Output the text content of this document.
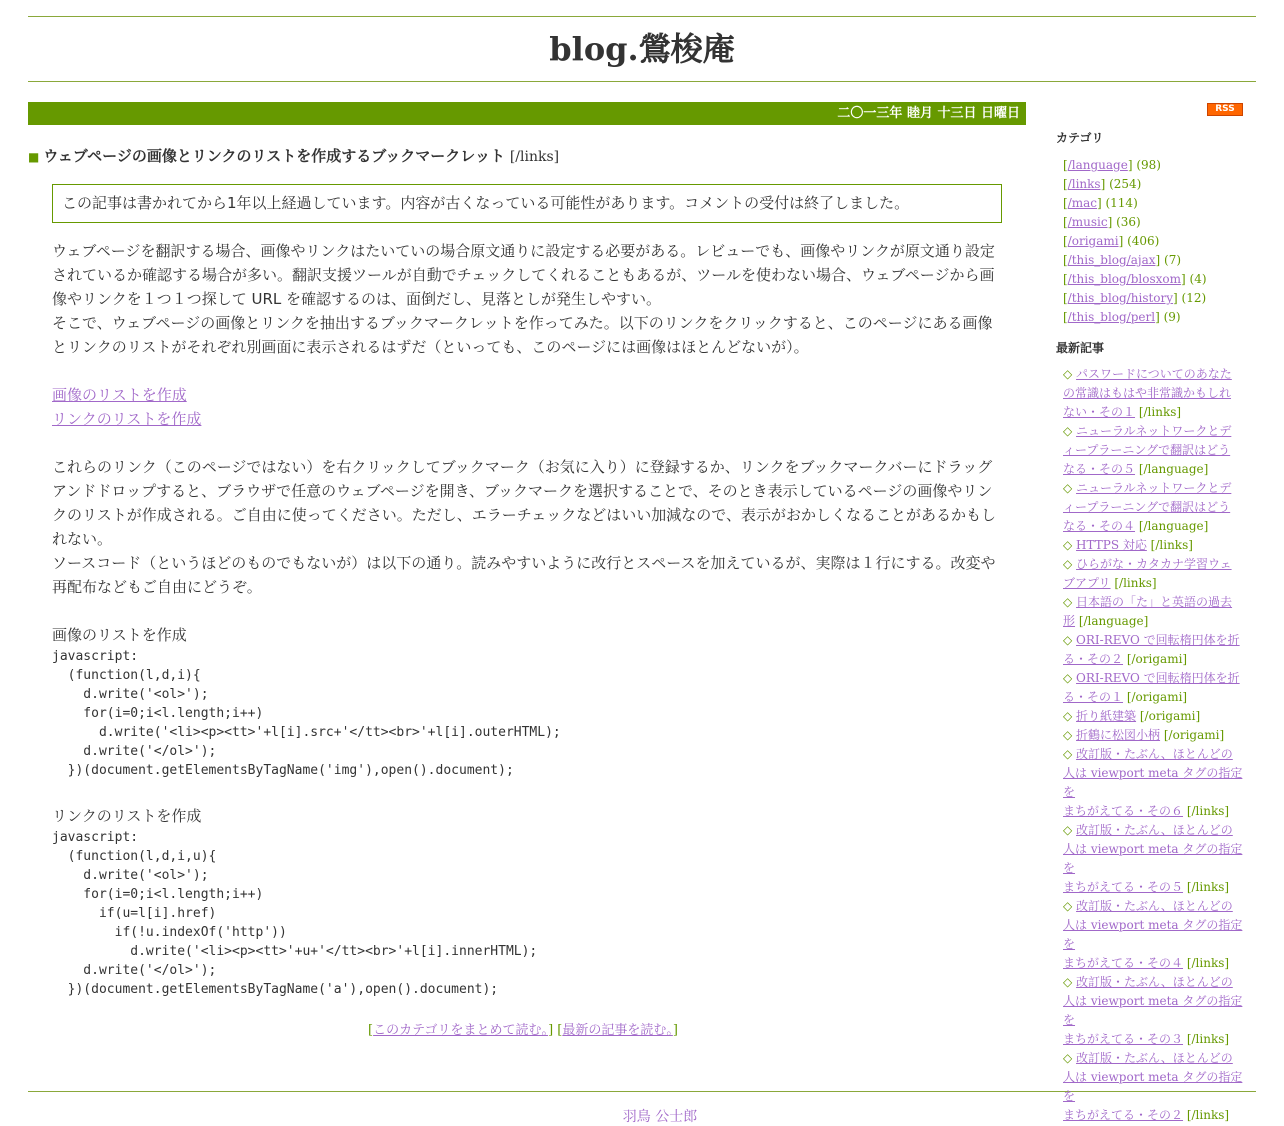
blog.鶯梭庵
二〇一三年 睦月 十三日 日曜日
■ ウェブページの画像とリンクのリストを作成するブックマークレット [/links]
この記事は書かれてから1年以上経過しています。内容が古くなっている可能性があります。コメントの受付は終了しました。

ウェブページを翻訳する場合、画像やリンクはたいていの場合原文通りに設定する必要がある。レビューでも、画像やリンクが原文通り設定されているか確認する場合が多い。翻訳支援ツールが自動でチェックしてくれることもあるが、ツールを使わない場合、ウェブページから画像やリンクを１つ１つ探して URL を確認するのは、面倒だし、見落としが発生しやすい。

そこで、ウェブページの画像とリンクを抽出するブックマークレットを作ってみた。以下のリンクをクリックすると、このページにある画像とリンクのリストがそれぞれ別画面に表示されるはずだ（といっても、このページには画像はほとんどないが）。

画像のリストを作成
リンクのリストを作成

これらのリンク（このページではない）を右クリックしてブックマーク（お気に入り）に登録するか、リンクをブックマークバーにドラッグアンドドロップすると、ブラウザで任意のウェブページを開き、ブックマークを選択することで、そのとき表示しているページの画像やリンクのリストが作成される。ご自由に使ってください。ただし、エラーチェックなどはいい加減なので、表示がおかしくなることがあるかもしれない。

ソースコード（というほどのものでもないが）は以下の通り。読みやすいように改行とスペースを加えているが、実際は１行にする。改変や再配布などもご自由にどうぞ。

画像のリストを作成
javascript:
(function(l,d,i){
d.write('<ol>');
for(i=0;i<l.length;i++)
d.write('<li><p><tt>'+l[i].src+'</tt><br>'+l[i].outerHTML);
d.write('</ol>');
})(document.getElementsByTagName('img'),open().document);
リンクのリストを作成
javascript:
(function(l,d,i,u){
d.write('<ol>');
for(i=0;i<l.length;i++)
if(u=l[i].href)
if(!u.indexOf('http'))
d.write('<li><p><tt>'+u+'</tt><br>'+l[i].innerHTML);
d.write('</ol>');
})(document.getElementsByTagName('a'),open().document);
[このカテゴリをまとめて読む。] [最新の記事を読む。]
羽鳥 公士郎
RSS
カテゴリ
[/language] (98)
[/links] (254)
[/mac] (114)
[/music] (36)
[/origami] (406)
[/this_blog/ajax] (7)
[/this_blog/blosxom] (4)
[/this_blog/history] (12)
[/this_blog/perl] (9)
最新記事
◇ パスワードについてのあなた
の常識はもはや非常識かもしれ
ない・その１ [/links]
◇ ニューラルネットワークとデ
ィープラーニングで翻訳はどう
なる・その５ [/language]
◇ ニューラルネットワークとデ
ィープラーニングで翻訳はどう
なる・その４ [/language]
◇ HTTPS 対応 [/links]
◇ ひらがな・カタカナ学習ウェ
ブアプリ [/links]
◇ 日本語の「た」と英語の過去
形 [/language]
◇ ORI-REVO で回転楕円体を折
る・その２ [/origami]
◇ ORI-REVO で回転楕円体を折
る・その１ [/origami]
◇ 折り紙建築 [/origami]
◇ 折鶴に松図小柄 [/origami]
◇ 改訂版・たぶん、ほとんどの
人は viewport meta タグの指定を
まちがえてる・その６ [/links]
◇ 改訂版・たぶん、ほとんどの
人は viewport meta タグの指定を
まちがえてる・その５ [/links]
◇ 改訂版・たぶん、ほとんどの
人は viewport meta タグの指定を
まちがえてる・その４ [/links]
◇ 改訂版・たぶん、ほとんどの
人は viewport meta タグの指定を
まちがえてる・その３ [/links]
◇ 改訂版・たぶん、ほとんどの
人は viewport meta タグの指定を
まちがえてる・その２ [/links]
